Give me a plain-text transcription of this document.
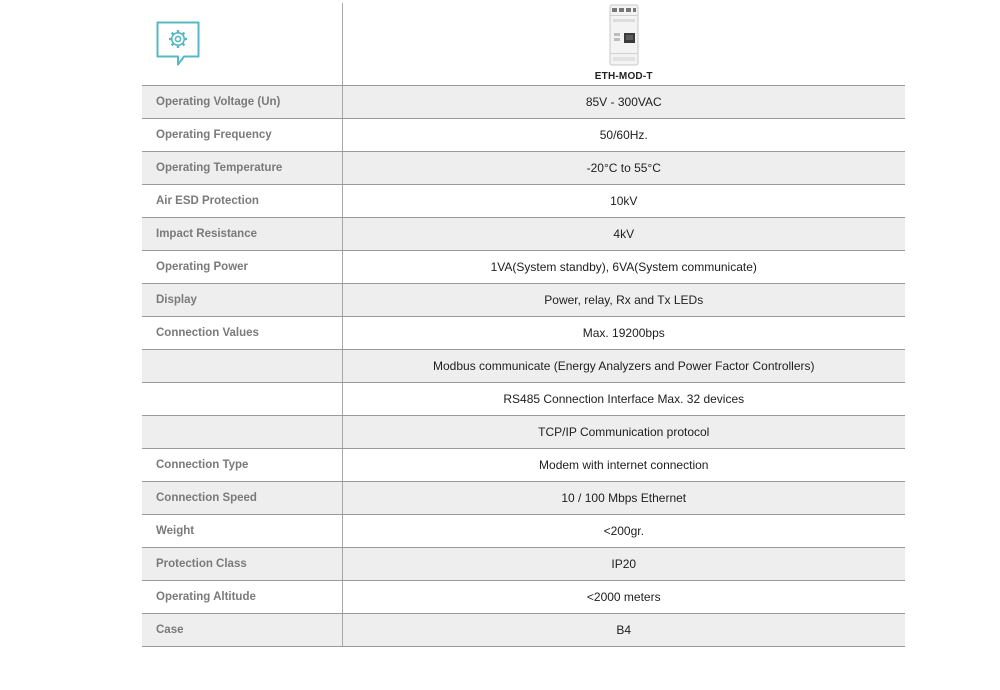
ETH-MOD-T

Operating Voltage (Un)	85V - 300VAC
Operating Frequency	50/60Hz.
Operating Temperature	-20°C to 55°C
Air ESD Protection	10kV
Impact Resistance	4kV
Operating Power	1VA(System standby), 6VA(System communicate)
Display	Power, relay, Rx and Tx LEDs
Connection Values	Max. 19200bps
	Modbus communicate (Energy Analyzers and Power Factor Controllers)
	RS485 Connection Interface Max. 32 devices
	TCP/IP Communication protocol
Connection Type	Modem with internet connection
Connection Speed	10 / 100 Mbps Ethernet
Weight	<200gr.
Protection Class	IP20
Operating Altitude	<2000 meters
Case	B4
